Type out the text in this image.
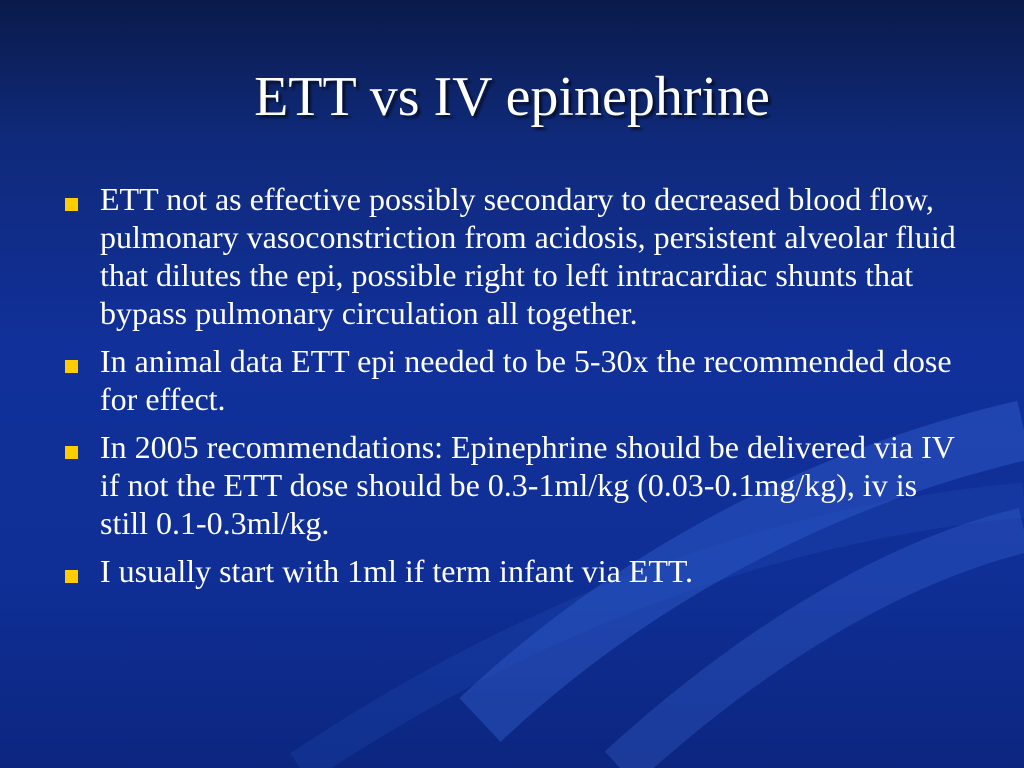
ETT vs IV epinephrine
ETT not as effective possibly secondary to decreased blood flow, pulmonary vasoconstriction from acidosis, persistent alveolar fluid that dilutes the epi, possible right to left intracardiac shunts that bypass pulmonary circulation all together.
In animal data ETT epi needed to be 5-30x the recommended dose for effect.
In 2005 recommendations: Epinephrine should be delivered via IV if not the ETT dose should be 0.3-1ml/kg (0.03-0.1mg/kg), iv is still 0.1-0.3ml/kg.
I usually start with 1ml if term infant via ETT.
